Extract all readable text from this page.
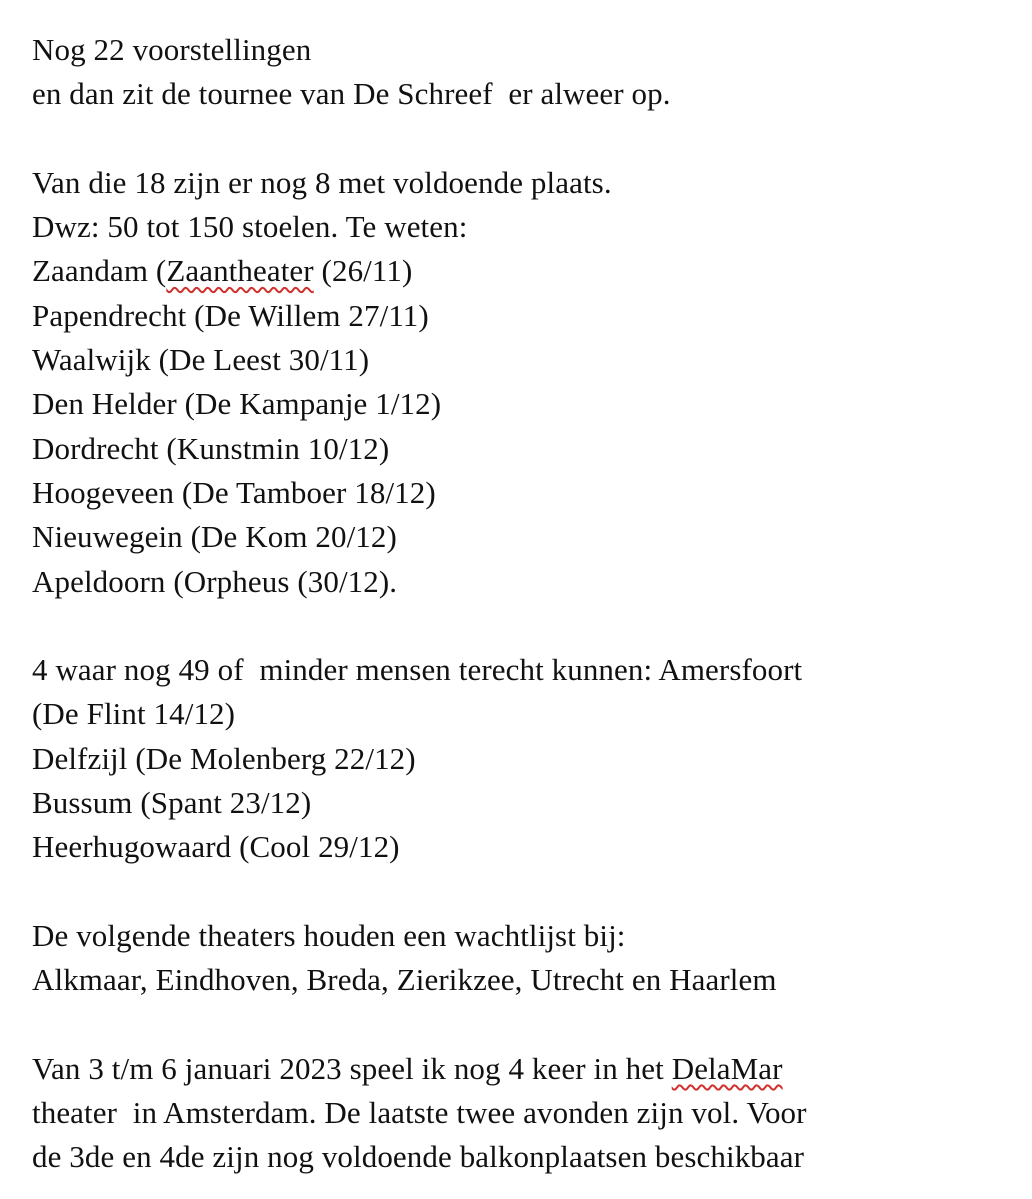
Nog 22 voorstellingen
en dan zit de tournee van De Schreef  er alweer op.
Van die 18 zijn er nog 8 met voldoende plaats.
Dwz: 50 tot 150 stoelen. Te weten:
Zaandam (Zaantheater (26/11)
Papendrecht (De Willem 27/11)
Waalwijk (De Leest 30/11)
Den Helder (De Kampanje 1/12)
Dordrecht (Kunstmin 10/12)
Hoogeveen (De Tamboer 18/12)
Nieuwegein (De Kom 20/12)
Apeldoorn (Orpheus (30/12).
4 waar nog 49 of  minder mensen terecht kunnen: Amersfoort
(De Flint 14/12)
Delfzijl (De Molenberg 22/12)
Bussum (Spant 23/12)
Heerhugowaard (Cool 29/12)
De volgende theaters houden een wachtlijst bij:
Alkmaar, Eindhoven, Breda, Zierikzee, Utrecht en Haarlem
Van 3 t/m 6 januari 2023 speel ik nog 4 keer in het DelaMar
theater  in Amsterdam. De laatste twee avonden zijn vol. Voor
de 3de en 4de zijn nog voldoende balkonplaatsen beschikbaar
